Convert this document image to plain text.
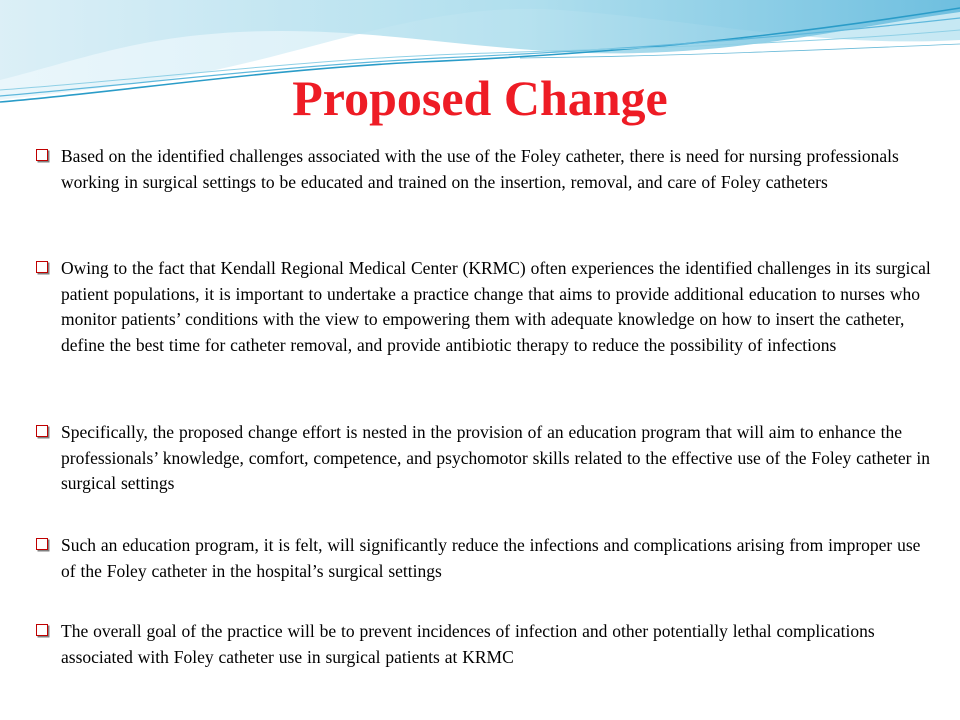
Proposed Change
Based on the identified challenges associated with the use of the Foley catheter, there is need for nursing professionals working in surgical settings to be educated and trained on the insertion, removal, and care of Foley catheters
Owing to the fact that Kendall Regional Medical Center (KRMC) often experiences the identified challenges in its surgical patient populations, it is important to undertake a practice change that aims to provide additional education to nurses who monitor patients’ conditions with the view to empowering them with adequate knowledge on how to insert the catheter, define the best time for catheter removal, and provide antibiotic therapy to reduce the possibility of infections
Specifically, the proposed change effort is nested in the provision of an education program that will aim to enhance the professionals’ knowledge, comfort, competence, and psychomotor skills related to the effective use of the Foley catheter in surgical settings
Such an education program, it is felt, will significantly reduce the infections and complications arising from improper use of the Foley catheter in the hospital’s surgical settings
The overall goal of the practice will be to prevent incidences of infection and other potentially lethal complications associated with Foley catheter use in surgical patients at KRMC
